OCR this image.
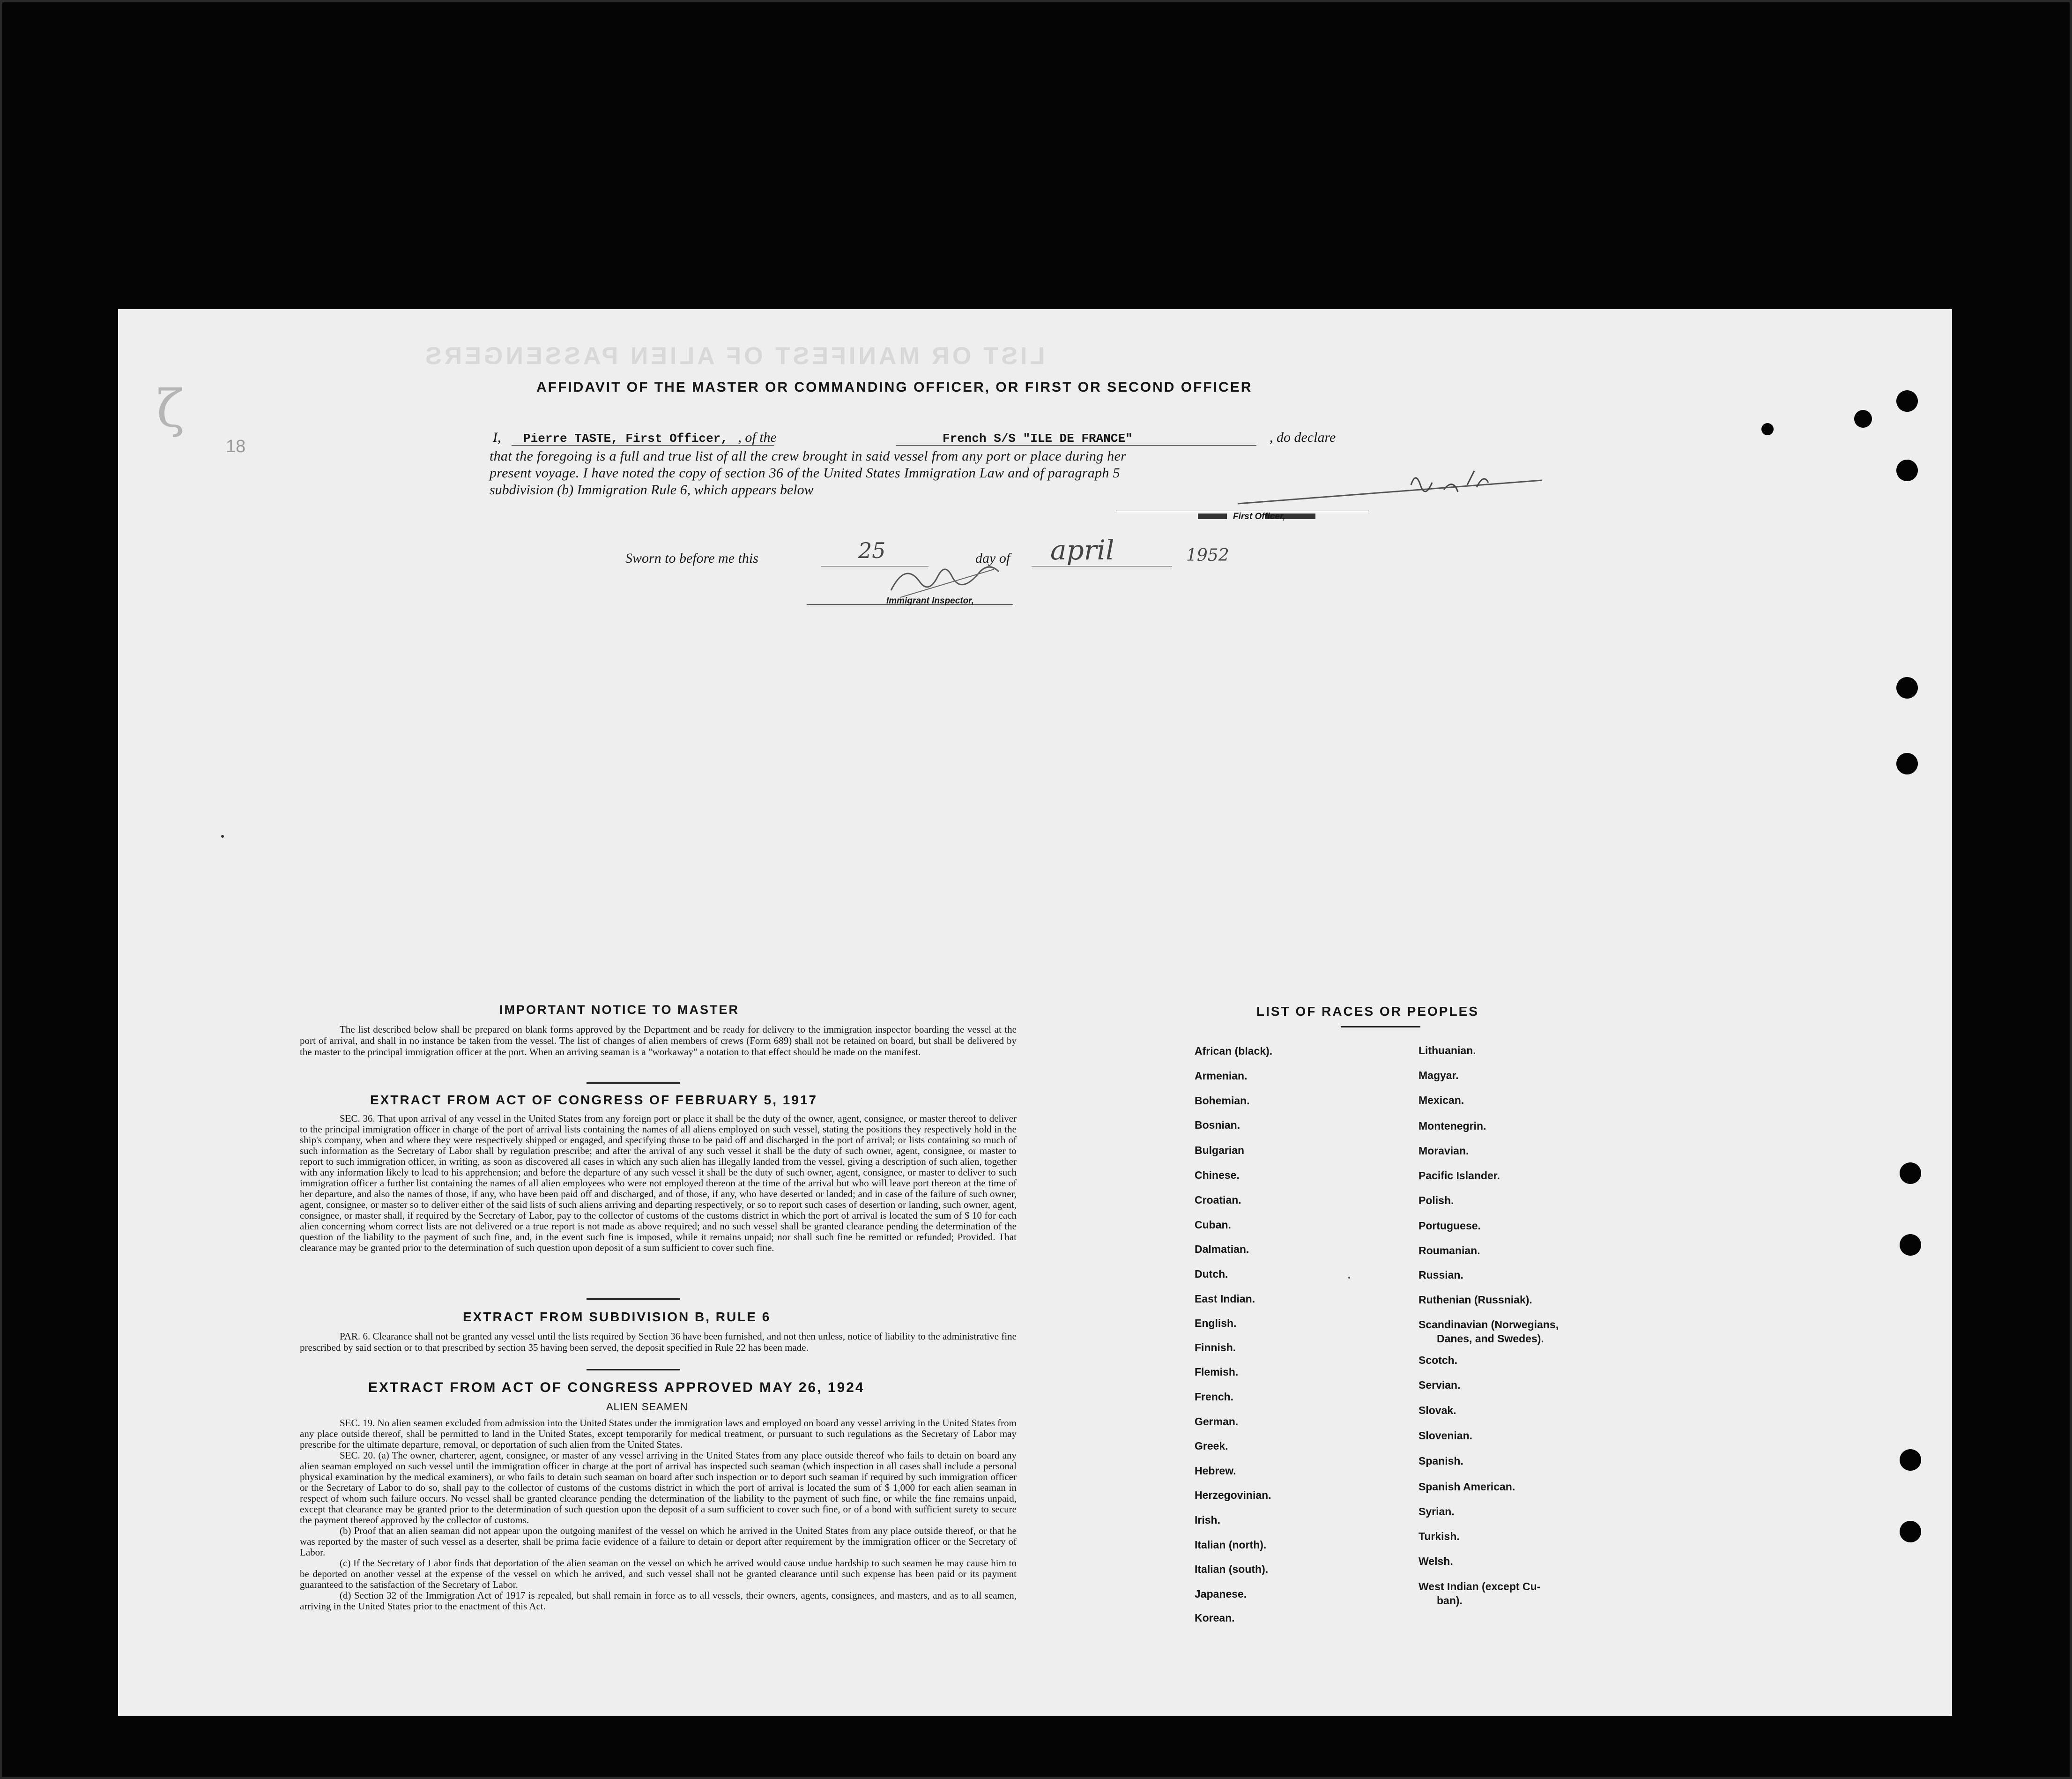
LIST OR MANIFEST OF ALIEN PASSENGERS
18
ζ	AFFIDAVIT OF THE MASTER OR COMMANDING OFFICER, OR FIRST OR SECOND OFFICER
I, Pierre TASTE, First Officer, , of the	French S/S "ILE DE FRANCE"	, do declare
that the foregoing is a full and true list of all the crew brought in said vessel from any port or place during her
present voyage. I have noted the copy of section 36 of the United States Immigration Law and of paragraph 5
subdivision (b) Immigration Rule 6, which appears below
First Officer,
Sworn to before me this	25	day of april	1952
Immigrant Inspector,
IMPORTANT NOTICE TO MASTER
The list described below shall be prepared on blank forms approved by the Department and be ready for delivery to the immigration inspector boarding the vessel at the port of arrival, and shall in no instance be taken from the vessel. The list of changes of alien members of crews (Form 689) shall not be retained on board, but shall be delivered by the master to the principal immigration officer at the port. When an arriving seaman is a "workaway" a notation to that effect should be made on the manifest.
EXTRACT FROM ACT OF CONGRESS OF FEBRUARY 5, 1917
SEC. 36. That upon arrival of any vessel in the United States from any foreign port or place it shall be the duty of the owner, agent, consignee, or master thereof to deliver to the principal immigration officer in charge of the port of arrival lists containing the names of all aliens employed on such vessel, stating the positions they respectively hold in the ship's company, when and where they were respectively shipped or engaged, and specifying those to be paid off and discharged in the port of arrival; or lists containing so much of such information as the Secretary of Labor shall by regulation prescribe; and after the arrival of any such vessel it shall be the duty of such owner, agent, consignee, or master to report to such immigration officer, in writing, as soon as discovered all cases in which any such alien has illegally landed from the vessel, giving a description of such alien, together with any information likely to lead to his apprehension; and before the departure of any such vessel it shall be the duty of such owner, agent, consignee, or master to deliver to such immigration officer a further list containing the names of all alien employees who were not employed thereon at the time of the arrival but who will leave port thereon at the time of her departure, and also the names of those, if any, who have been paid off and discharged, and of those, if any, who have deserted or landed; and in case of the failure of such owner, agent, consignee, or master so to deliver either of the said lists of such aliens arriving and departing respectively, or so to report such cases of desertion or landing, such owner, agent, consignee, or master shall, if required by the Secretary of Labor, pay to the collector of customs of the customs district in which the port of arrival is located the sum of $ 10 for each alien concerning whom correct lists are not delivered or a true report is not made as above required; and no such vessel shall be granted clearance pending the determination of the question of the liability to the payment of such fine, and, in the event such fine is imposed, while it remains unpaid; nor shall such fine be remitted or refunded; Provided. That clearance may be granted prior to the determination of such question upon deposit of a sum sufficient to cover such fine.
EXTRACT FROM SUBDIVISION B, RULE 6
PAR. 6. Clearance shall not be granted any vessel until the lists required by Section 36 have been furnished, and not then unless, notice of liability to the administrative fine prescribed by said section or to that prescribed by section 35 having been served, the deposit specified in Rule 22 has been made.
EXTRACT FROM ACT OF CONGRESS APPROVED MAY 26, 1924
ALIEN SEAMEN
SEC. 19. No alien seamen excluded from admission into the United States under the immigration laws and employed on board any vessel arriving in the United States from any place outside thereof, shall be permitted to land in the United States, except temporarily for medical treatment, or pursuant to such regulations as the Secretary of Labor may prescribe for the ultimate departure, removal, or deportation of such alien from the United States.
SEC. 20. (a) The owner, charterer, agent, consignee, or master of any vessel arriving in the United States from any place outside thereof who fails to detain on board any alien seaman employed on such vessel until the immigration officer in charge at the port of arrival has inspected such seaman (which inspection in all cases shall include a personal physical examination by the medical examiners), or who fails to detain such seaman on board after such inspection or to deport such seaman if required by such immigration officer or the Secretary of Labor to do so, shall pay to the collector of customs of the customs district in which the port of arrival is located the sum of $ 1,000 for each alien seaman in respect of whom such failure occurs. No vessel shall be granted clearance pending the determination of the liability to the payment of such fine, or while the fine remains unpaid, except that clearance may be granted prior to the determination of such question upon the deposit of a sum sufficient to cover such fine, or of a bond with sufficient surety to secure the payment thereof approved by the collector of customs.
(b) Proof that an alien seaman did not appear upon the outgoing manifest of the vessel on which he arrived in the United States from any place outside thereof, or that he was reported by the master of such vessel as a deserter, shall be prima facie evidence of a failure to detain or deport after requirement by the immigration officer or the Secretary of Labor.
(c) If the Secretary of Labor finds that deportation of the alien seaman on the vessel on which he arrived would cause undue hardship to such seamen he may cause him to be deported on another vessel at the expense of the vessel on which he arrived, and such vessel shall not be granted clearance until such expense has been paid or its payment guaranteed to the satisfaction of the Secretary of Labor.
(d) Section 32 of the Immigration Act of 1917 is repealed, but shall remain in force as to all vessels, their owners, agents, consignees, and masters, and as to all seamen, arriving in the United States prior to the enactment of this Act.
LIST OF RACES OR PEOPLES
African (black).
Armenian.
Bohemian.
Bosnian.
Bulgarian
Chinese.
Croatian.
Cuban.
Dalmatian.
Dutch.
East Indian.
English.
Finnish.
Flemish.
French.
German.
Greek.
Hebrew.
Herzegovinian.
Irish.
Italian (north).
Italian (south).
Japanese.
Korean.
Lithuanian.
Magyar.
Mexican.
Montenegrin.
Moravian.
Pacific Islander.
Polish.
Portuguese.
Roumanian.
Russian.
Ruthenian (Russniak).
Scandinavian (Norwegians,
Danes, and Swedes).
Scotch.
Servian.
Slovak.
Slovenian.
Spanish.
Spanish American.
Syrian.
Turkish.
Welsh.
West Indian (except Cu-
ban).
